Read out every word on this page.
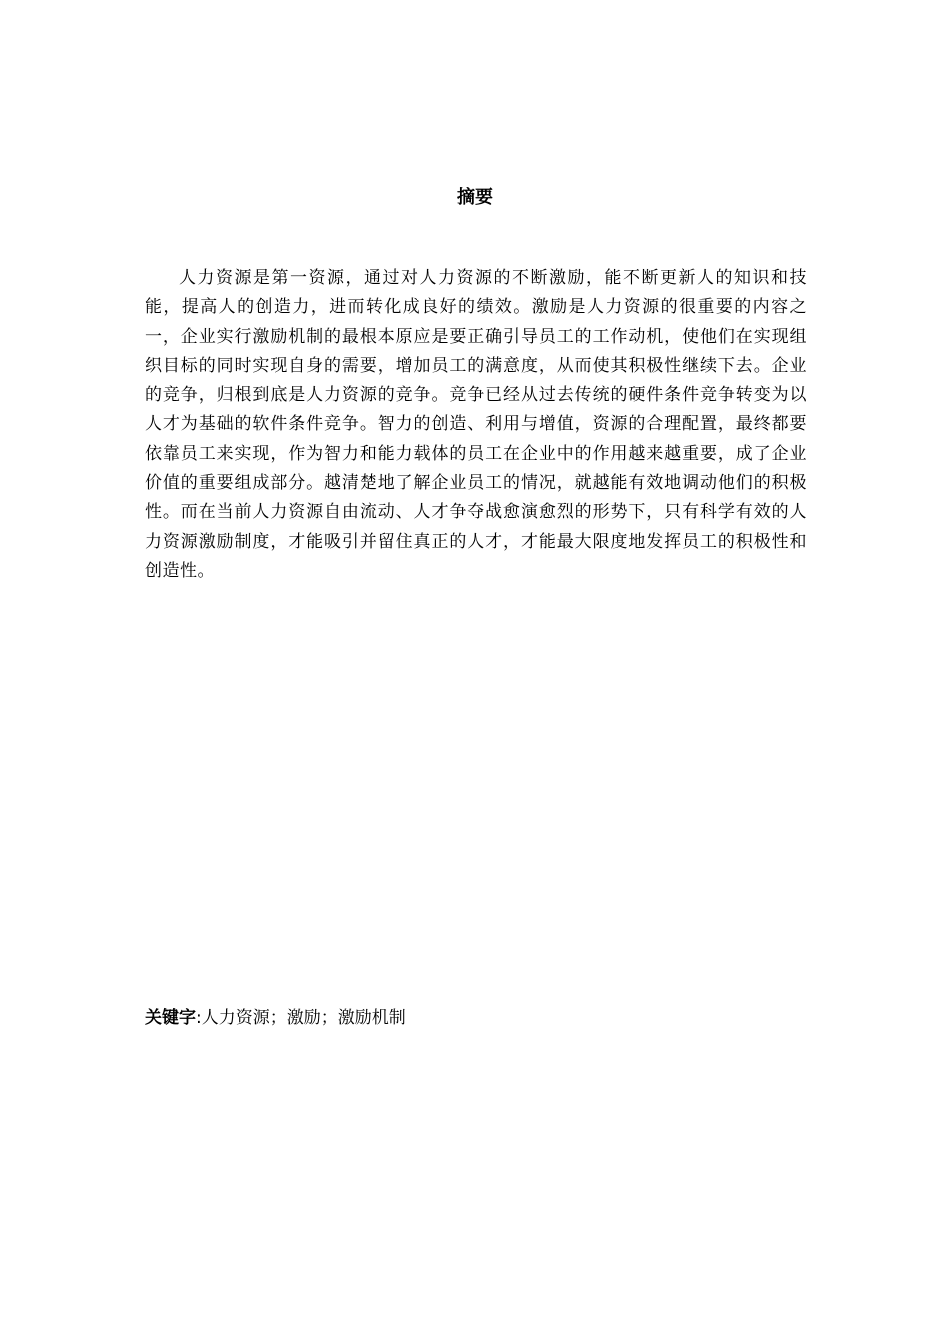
摘要

人力资源是第一资源，通过对人力资源的不断激励，能不断更新人的知识和技能，提高人的创造力，进而转化成良好的绩效。激励是人力资源的很重要的内容之一，企业实行激励机制的最根本原应是要正确引导员工的工作动机，使他们在实现组织目标的同时实现自身的需要，增加员工的满意度，从而使其积极性继续下去。企业的竞争，归根到底是人力资源的竞争。竞争已经从过去传统的硬件条件竞争转变为以人才为基础的软件条件竞争。智力的创造、利用与增值，资源的合理配置，最终都要依靠员工来实现，作为智力和能力载体的员工在企业中的作用越来越重要，成了企业价值的重要组成部分。越清楚地了解企业员工的情况，就越能有效地调动他们的积极性。而在当前人力资源自由流动、人才争夺战愈演愈烈的形势下，只有科学有效的人力资源激励制度，才能吸引并留住真正的人才，才能最大限度地发挥员工的积极性和创造性。

关键字:人力资源；激励；激励机制
